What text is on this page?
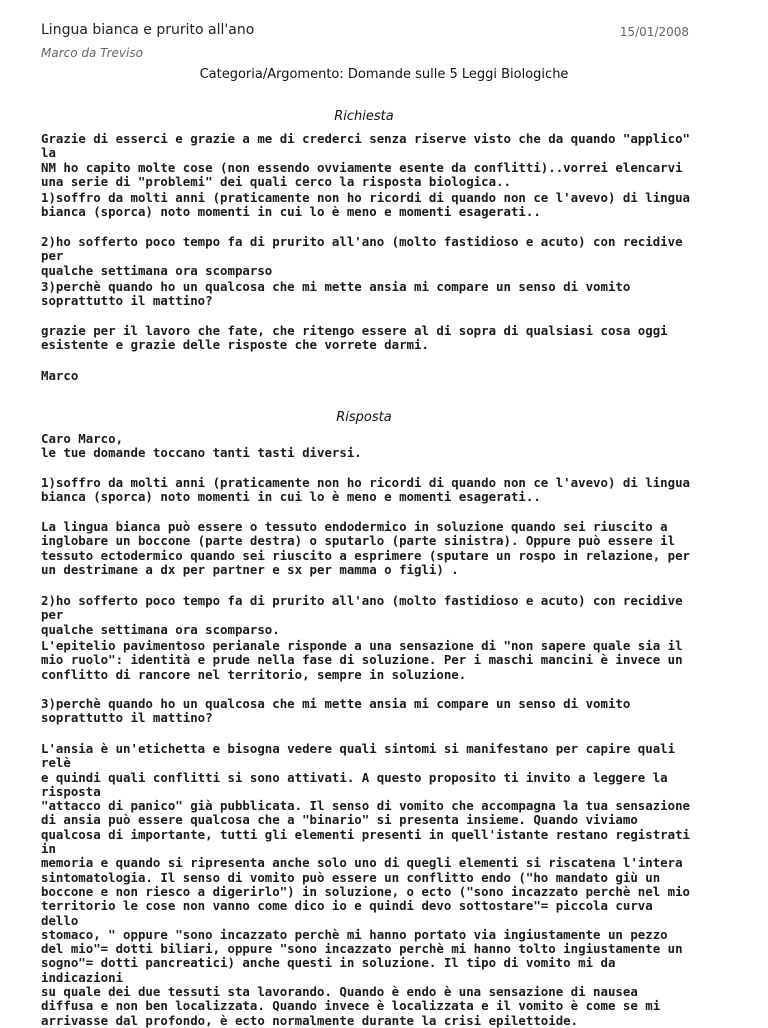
Lingua bianca e prurito all'ano	15/01/2008
Marco da Treviso
Categoria/Argomento: Domande sulle 5 Leggi Biologiche
Richiesta
Grazie di esserci e grazie a me di crederci senza riserve visto che da quando "applico" la
NM ho capito molte cose (non essendo ovviamente esente da conflitti)..vorrei elencarvi
una serie di "problemi" dei quali cerco la risposta biologica..
1)soffro da molti anni (praticamente non ho ricordi di quando non ce l'avevo) di lingua
bianca (sporca) noto momenti in cui lo è meno e momenti esagerati..
2)ho sofferto poco tempo fa di prurito all'ano (molto fastidioso e acuto) con recidive per
qualche settimana ora scomparso
3)perchè quando ho un qualcosa che mi mette ansia mi compare un senso di vomito
soprattutto il mattino?
grazie per il lavoro che fate, che ritengo essere al di sopra di qualsiasi cosa oggi
esistente e grazie delle risposte che vorrete darmi.
Marco
Risposta
Caro Marco,
le tue domande toccano tanti tasti diversi.
1)soffro da molti anni (praticamente non ho ricordi di quando non ce l'avevo) di lingua
bianca (sporca) noto momenti in cui lo è meno e momenti esagerati..
La lingua bianca può essere o tessuto endodermico in soluzione quando sei riuscito a
inglobare un boccone (parte destra) o sputarlo (parte sinistra). Oppure può essere il
tessuto ectodermico quando sei riuscito a esprimere (sputare un rospo in relazione, per
un destrimane a dx per partner e sx per mamma o figli) .
2)ho sofferto poco tempo fa di prurito all'ano (molto fastidioso e acuto) con recidive per
qualche settimana ora scomparso.
L'epitelio pavimentoso perianale risponde a una sensazione di "non sapere quale sia il
mio ruolo": identità e prude nella fase di soluzione. Per i maschi mancini è invece un
conflitto di rancore nel territorio, sempre in soluzione.
3)perchè quando ho un qualcosa che mi mette ansia mi compare un senso di vomito
soprattutto il mattino?
L'ansia è un'etichetta e bisogna vedere quali sintomi si manifestano per capire quali relè
e quindi quali conflitti si sono attivati. A questo proposito ti invito a leggere la risposta
"attacco di panico" già pubblicata. Il senso di vomito che accompagna la tua sensazione
di ansia può essere qualcosa che a "binario" si presenta insieme. Quando viviamo
qualcosa di importante, tutti gli elementi presenti in quell'istante restano registrati in
memoria e quando si ripresenta anche solo uno di quegli elementi si riscatena l'intera
sintomatologia. Il senso di vomito può essere un conflitto endo ("ho mandato giù un
boccone e non riesco a digerirlo") in soluzione, o ecto ("sono incazzato perchè nel mio
territorio le cose non vanno come dico io e quindi devo sottostare"= piccola curva dello
stomaco, " oppure "sono incazzato perchè mi hanno portato via ingiustamente un pezzo
del mio"= dotti biliari, oppure "sono incazzato perchè mi hanno tolto ingiustamente un
sogno"= dotti pancreatici) anche questi in soluzione. Il tipo di vomito mi da indicazioni
su quale dei due tessuti sta lavorando. Quando è endo è una sensazione di nausea
diffusa e non ben localizzata. Quando invece è localizzata e il vomito è come se mi
arrivasse dal profondo, è ecto normalmente durante la crisi epilettoide.
